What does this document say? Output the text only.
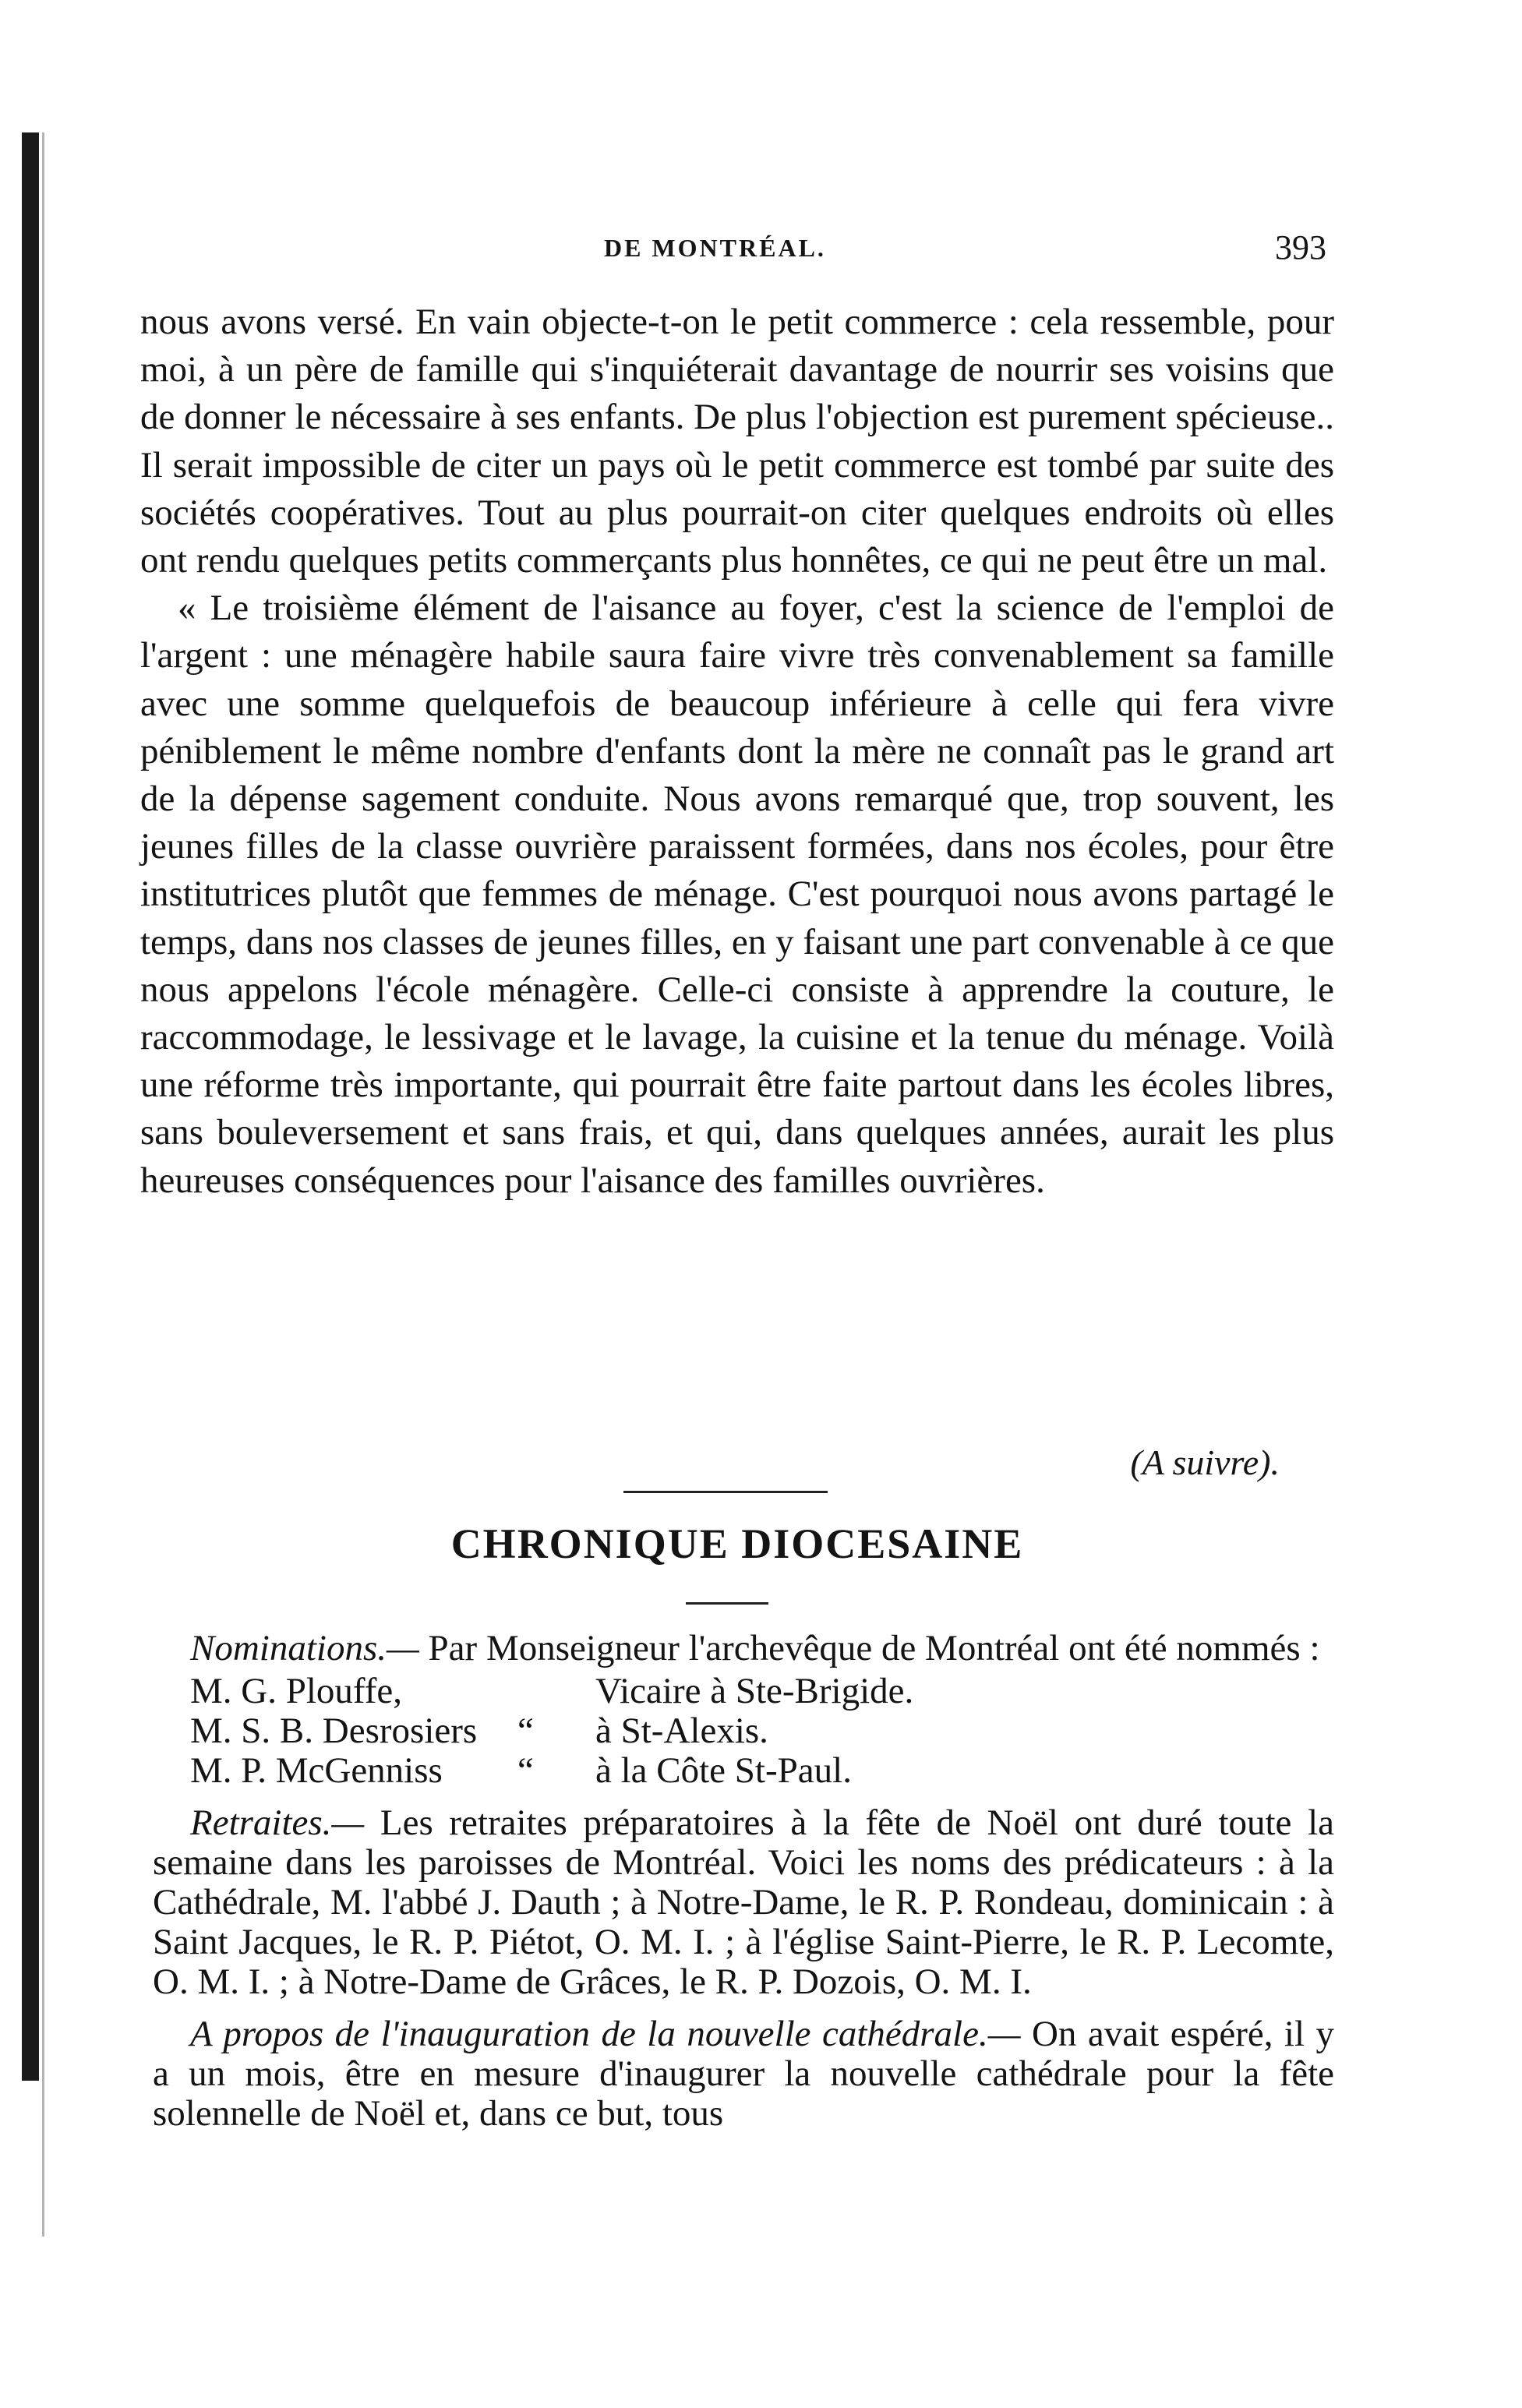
DE MONTRÉAL.	393

nous avons versé. En vain objecte-t-on le petit commerce : cela ressemble, pour moi, à un père de famille qui s'inquiéterait davantage de nourrir ses voisins que de donner le nécessaire à ses enfants. De plus l'objection est purement spécieuse.. Il serait impossible de citer un pays où le petit commerce est tombé par suite des sociétés coopératives. Tout au plus pourrait-on citer quelques endroits où elles ont rendu quelques petits commerçants plus honnêtes, ce qui ne peut être un mal.

« Le troisième élément de l'aisance au foyer, c'est la science de l'emploi de l'argent : une ménagère habile saura faire vivre très convenablement sa famille avec une somme quelquefois de beaucoup inférieure à celle qui fera vivre péniblement le même nombre d'enfants dont la mère ne connaît pas le grand art de la dépense sagement conduite. Nous avons remarqué que, trop souvent, les jeunes filles de la classe ouvrière paraissent formées, dans nos écoles, pour être institutrices plutôt que femmes de ménage. C'est pourquoi nous avons partagé le temps, dans nos classes de jeunes filles, en y faisant une part convenable à ce que nous appelons l'école ménagère. Celle-ci consiste à apprendre la couture, le raccommodage, le lessivage et le lavage, la cuisine et la tenue du ménage. Voilà une réforme très importante, qui pourrait être faite partout dans les écoles libres, sans bouleversement et sans frais, et qui, dans quelques années, aurait les plus heureuses conséquences pour l'aisance des familles ouvrières.

(A suivre).
CHRONIQUE DIOCESAINE

Nominations.— Par Monseigneur l'archevêque de Montréal ont été nommés :

M. G. Plouffe,	Vicaire à Ste-Brigide.
M. S. B. Desrosiers	“	à St-Alexis.
M. P. McGenniss	“	à la Côte St-Paul.

Retraites.— Les retraites préparatoires à la fête de Noël ont duré toute la semaine dans les paroisses de Montréal. Voici les noms des prédicateurs : à la Cathédrale, M. l'abbé J. Dauth ; à Notre-Dame, le R. P. Rondeau, dominicain : à Saint Jacques, le R. P. Piétot, O. M. I. ; à l'église Saint-Pierre, le R. P. Lecomte, O. M. I. ; à Notre-Dame de Grâces, le R. P. Dozois, O. M. I.

A propos de l'inauguration de la nouvelle cathédrale.— On avait espéré, il y a un mois, être en mesure d'inaugurer la nouvelle cathédrale pour la fête solennelle de Noël et, dans ce but, tous
